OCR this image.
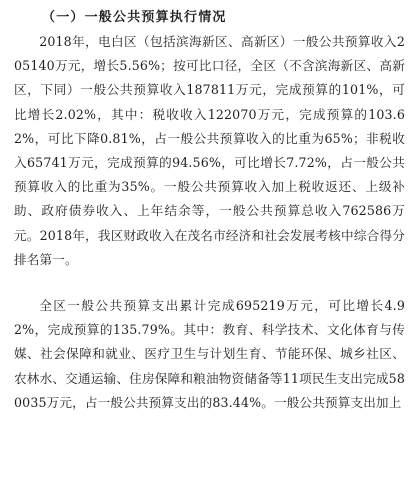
（一）一般公共预算执行情况

2018年，电白区（包括滨海新区、高新区）一般公共预算收入205140万元，增长5.56%；按可比口径，全区（不含滨海新区、高新区，下同）一般公共预算收入187811万元，完成预算的101%，可比增长2.02%，其中：税收收入122070万元，完成预算的103.62%，可比下降0.81%，占一般公共预算收入的比重为65%；非税收入65741万元，完成预算的94.56%，可比增长7.72%，占一般公共预算收入的比重为35%。一般公共预算收入加上税收返还、上级补助、政府债券收入、上年结余等，一般公共预算总收入762586万元。2018年，我区财政收入在茂名市经济和社会发展考核中综合得分排名第一。

全区一般公共预算支出累计完成695219万元，可比增长4.92%，完成预算的135.79%。其中：教育、科学技术、文化体育与传媒、社会保障和就业、医疗卫生与计划生育、节能环保、城乡社区、农林水、交通运输、住房保障和粮油物资储备等11项民生支出完成580035万元，占一般公共预算支出的83.44%。一般公共预算支出加上
